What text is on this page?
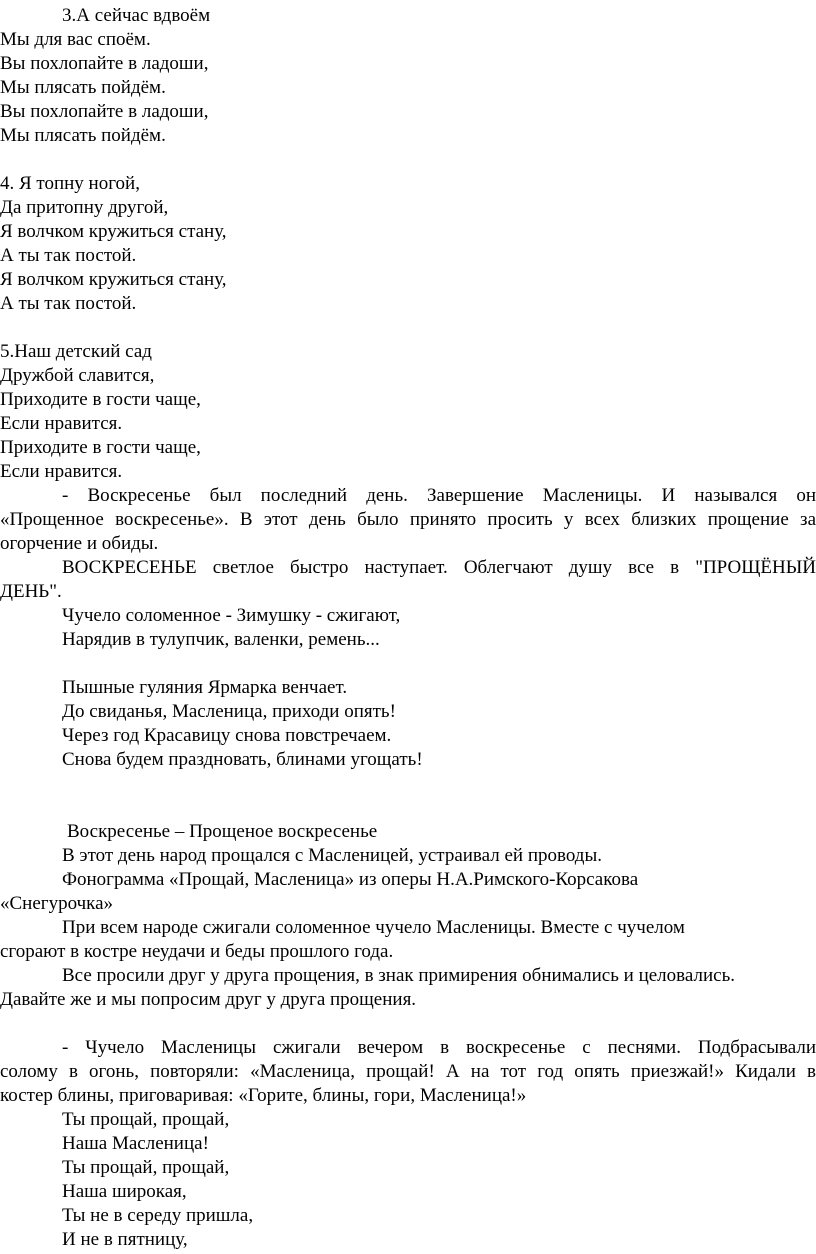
3.А сейчас вдвоём

Мы для вас споём.

Вы похлопайте в ладоши,

Мы плясать пойдём.

Вы похлопайте в ладоши,

Мы плясать пойдём.

4. Я топну ногой,

Да притопну другой,

Я волчком кружиться стану,

А ты так постой.

Я волчком кружиться стану,

А ты так постой.

5.Наш детский сад

Дружбой славится,

Приходите в гости чаще,

Если нравится.

Приходите в гости чаще,

Если нравится.

- Воскресенье был последний день. Завершение Масленицы. И назывался он

«Прощенное воскресенье». В этот день было принято просить у всех близких прощение за

огорчение и обиды.

ВОСКРЕСЕНЬЕ светлое быстро наступает. Облегчают душу все в "ПРОЩЁНЫЙ

ДЕНЬ".

Чучело соломенное - Зимушку - сжигают,

Нарядив в тулупчик, валенки, ремень...

Пышные гуляния Ярмарка венчает.

До свиданья, Масленица, приходи опять!

Через год Красавицу снова повстречаем.

Снова будем праздновать, блинами угощать!

Воскресенье – Прощеное воскресенье

В этот день народ прощался с Масленицей, устраивал ей проводы.

Фонограмма «Прощай, Масленица» из оперы Н.А.Римского-Корсакова

«Снегурочка»

При всем народе сжигали соломенное чучело Масленицы. Вместе с чучелом

сгорают в костре неудачи и беды прошлого года.

Все просили друг у друга прощения, в знак примирения обнимались и целовались.

Давайте же и мы попросим друг у друга прощения.

- Чучело Масленицы сжигали вечером в воскресенье с песнями. Подбрасывали

солому в огонь, повторяли: «Масленица, прощай! А на тот год опять приезжай!» Кидали в

костер блины, приговаривая: «Горите, блины, гори, Масленица!»

Ты прощай, прощай,

Наша Масленица!

Ты прощай, прощай,

Наша широкая,

Ты не в середу пришла,

И не в пятницу,
